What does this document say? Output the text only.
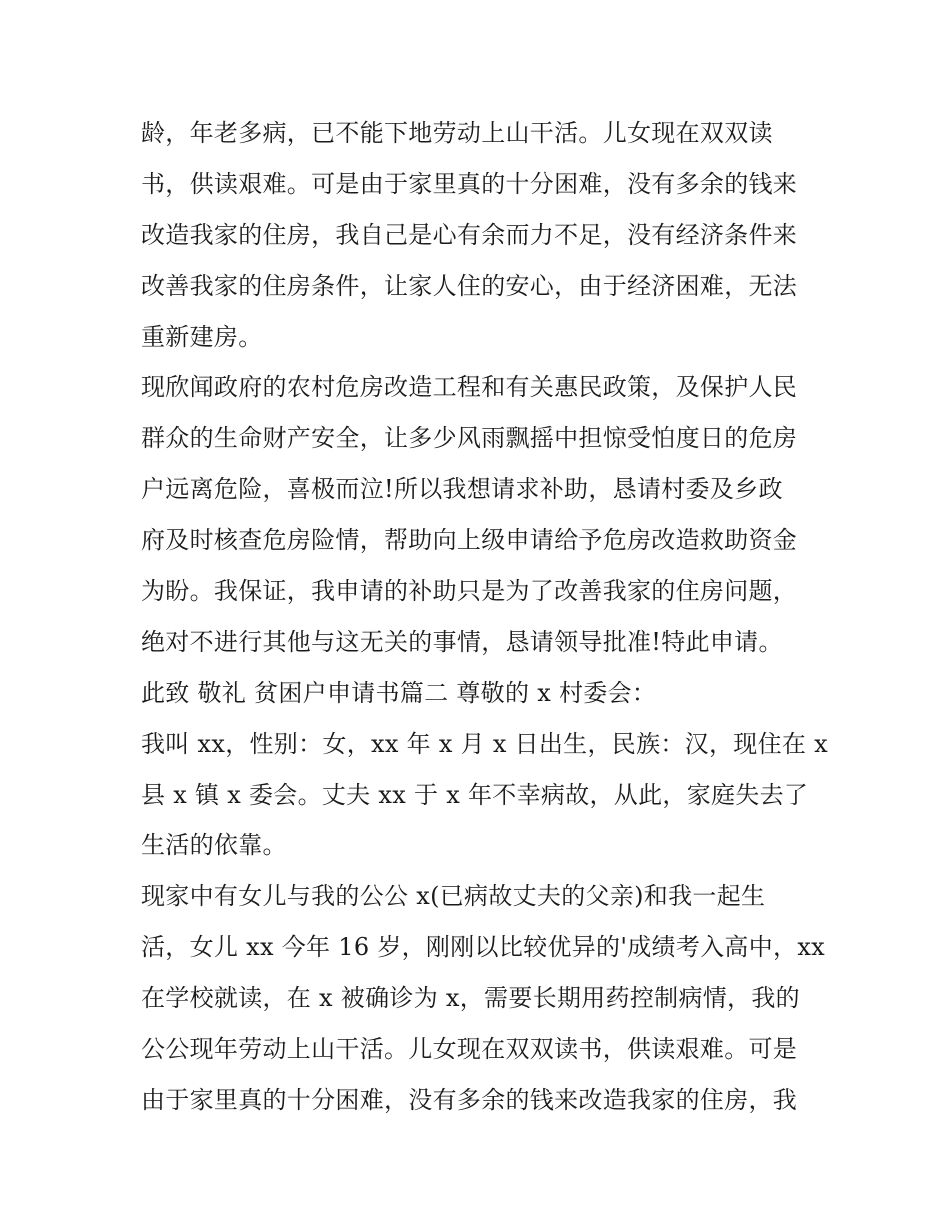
龄，年老多病，已不能下地劳动上山干活。儿女现在双双读
书，供读艰难。可是由于家里真的十分困难，没有多余的钱来
改造我家的住房，我自己是心有余而力不足，没有经济条件来
改善我家的住房条件，让家人住的安心，由于经济困难，无法
重新建房。
现欣闻政府的农村危房改造工程和有关惠民政策，及保护人民
群众的生命财产安全，让多少风雨飘摇中担惊受怕度日的危房
户远离危险，喜极而泣!所以我想请求补助，恳请村委及乡政
府及时核查危房险情，帮助向上级申请给予危房改造救助资金
为盼。我保证，我申请的补助只是为了改善我家的住房问题，
绝对不进行其他与这无关的事情，恳请领导批准!特此申请。
此致 敬礼 贫困户申请书篇二 尊敬的 x 村委会：
我叫 xx，性别：女，xx 年 x 月 x 日出生，民族：汉，现住在 x
县 x 镇 x 委会。丈夫 xx 于 x 年不幸病故，从此，家庭失去了
生活的依靠。
现家中有女儿与我的公公 x(已病故丈夫的父亲)和我一起生
活，女儿 xx 今年 16 岁，刚刚以比较优异的'成绩考入高中，xx
在学校就读，在 x 被确诊为 x，需要长期用药控制病情，我的
公公现年劳动上山干活。儿女现在双双读书，供读艰难。可是
由于家里真的十分困难，没有多余的钱来改造我家的住房，我
